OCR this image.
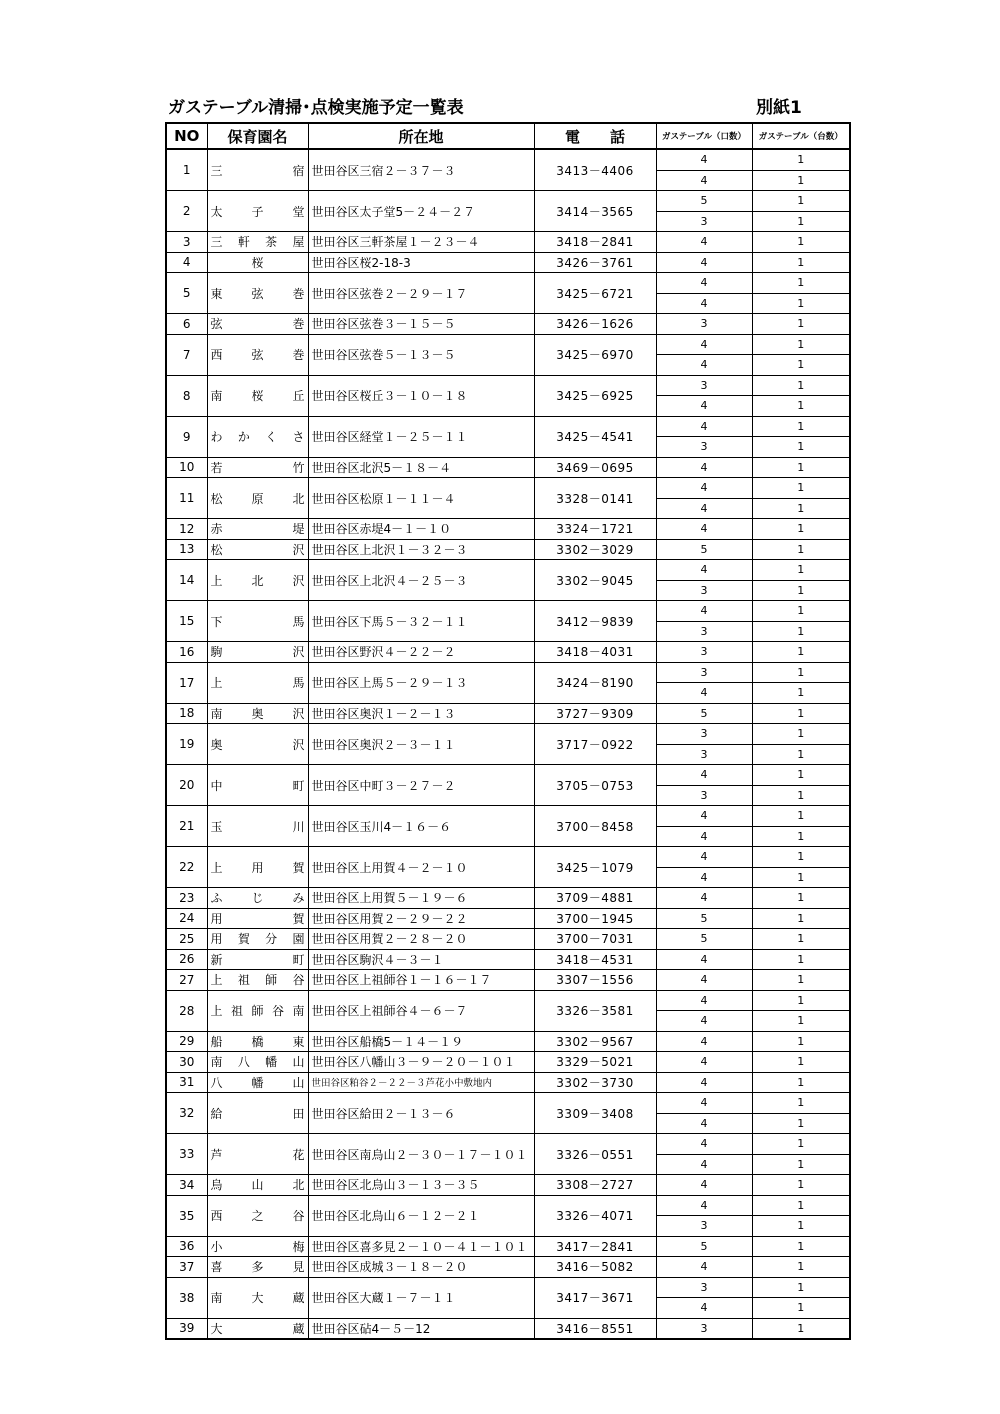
ガステーブル清掃･点検実施予定一覧表	別紙1
NO	保育園名	所在地	電　　話	ガステーブル（口数）	ガステーブル（台数）
1	三 宿	世田谷区三宿２－３７－３	3413－4406	4	1
				4	1
2	太 子 堂	世田谷区太子堂5－２４－２７	3414－3565	5	1
				3	1
3	三 軒 茶 屋	世田谷区三軒茶屋１－２３－４	3418－2841	4	1
4	桜	世田谷区桜2-18-3	3426－3761	4	1
5	東 弦 巻	世田谷区弦巻２－２９－１７	3425－6721	4	1
				4	1
6	弦 巻	世田谷区弦巻３－１５－５	3426－1626	3	1
7	西 弦 巻	世田谷区弦巻５－１３－５	3425－6970	4	1
				4	1
8	南 桜 丘	世田谷区桜丘３－１０－１８	3425－6925	3	1
				4	1
9	わ か く さ	世田谷区経堂１－２５－１１	3425－4541	4	1
				3	1
10	若 竹	世田谷区北沢5－１８－４	3469－0695	4	1
11	松 原 北	世田谷区松原１－１１－４	3328－0141	4	1
				4	1
12	赤 堤	世田谷区赤堤4－１－１０	3324－1721	4	1
13	松 沢	世田谷区上北沢１－３２－３	3302－3029	5	1
14	上 北 沢	世田谷区上北沢４－２５－３	3302－9045	4	1
				3	1
15	下 馬	世田谷区下馬５－３２－１１	3412－9839	4	1
				3	1
16	駒 沢	世田谷区野沢４－２２－２	3418－4031	3	1
17	上 馬	世田谷区上馬５－２９－１３	3424－8190	3	1
				4	1
18	南 奥 沢	世田谷区奥沢１－２－１３	3727－9309	5	1
19	奥 沢	世田谷区奥沢２－３－１１	3717－0922	3	1
				3	1
20	中 町	世田谷区中町３－２７－２	3705－0753	4	1
				3	1
21	玉 川	世田谷区玉川4－１６－６	3700－8458	4	1
				4	1
22	上 用 賀	世田谷区上用賀４－２－１０	3425－1079	4	1
				4	1
23	ふ じ み	世田谷区上用賀５－１９－６	3709－4881	4	1
24	用 賀	世田谷区用賀２－２９－２２	3700－1945	5	1
25	用 賀 分 園	世田谷区用賀２－２８－２０	3700－7031	5	1
26	新 町	世田谷区駒沢４－３－１	3418－4531	4	1
27	上 祖 師 谷	世田谷区上祖師谷１－１６－１７	3307－1556	4	1
28	上 祖 師 谷 南	世田谷区上祖師谷４－６－７	3326－3581	4	1
				4	1
29	船 橋 東	世田谷区船橋5－１４－１９	3302－9567	4	1
30	南 八 幡 山	世田谷区八幡山３－９－２０－１０１	3329－5021	4	1
31	八 幡 山	世田谷区粕谷２－２２－３芦花小中敷地内	3302－3730	4	1
32	給 田	世田谷区給田２－１３－６	3309－3408	4	1
				4	1
33	芦 花	世田谷区南烏山２－３０－１７－１０１	3326－0551	4	1
				4	1
34	烏 山 北	世田谷区北烏山３－１３－３５	3308－2727	4	1
35	西 之 谷	世田谷区北烏山６－１２－２１	3326－4071	4	1
				3	1
36	小 梅	世田谷区喜多見２－１０－４１－１０１	3417－2841	5	1
37	喜 多 見	世田谷区成城３－１８－２０	3416－5082	4	1
38	南 大 蔵	世田谷区大蔵１－７－１１	3417－3671	3	1
				4	1
39	大 蔵	世田谷区砧4－５－12	3416－8551	3	1
